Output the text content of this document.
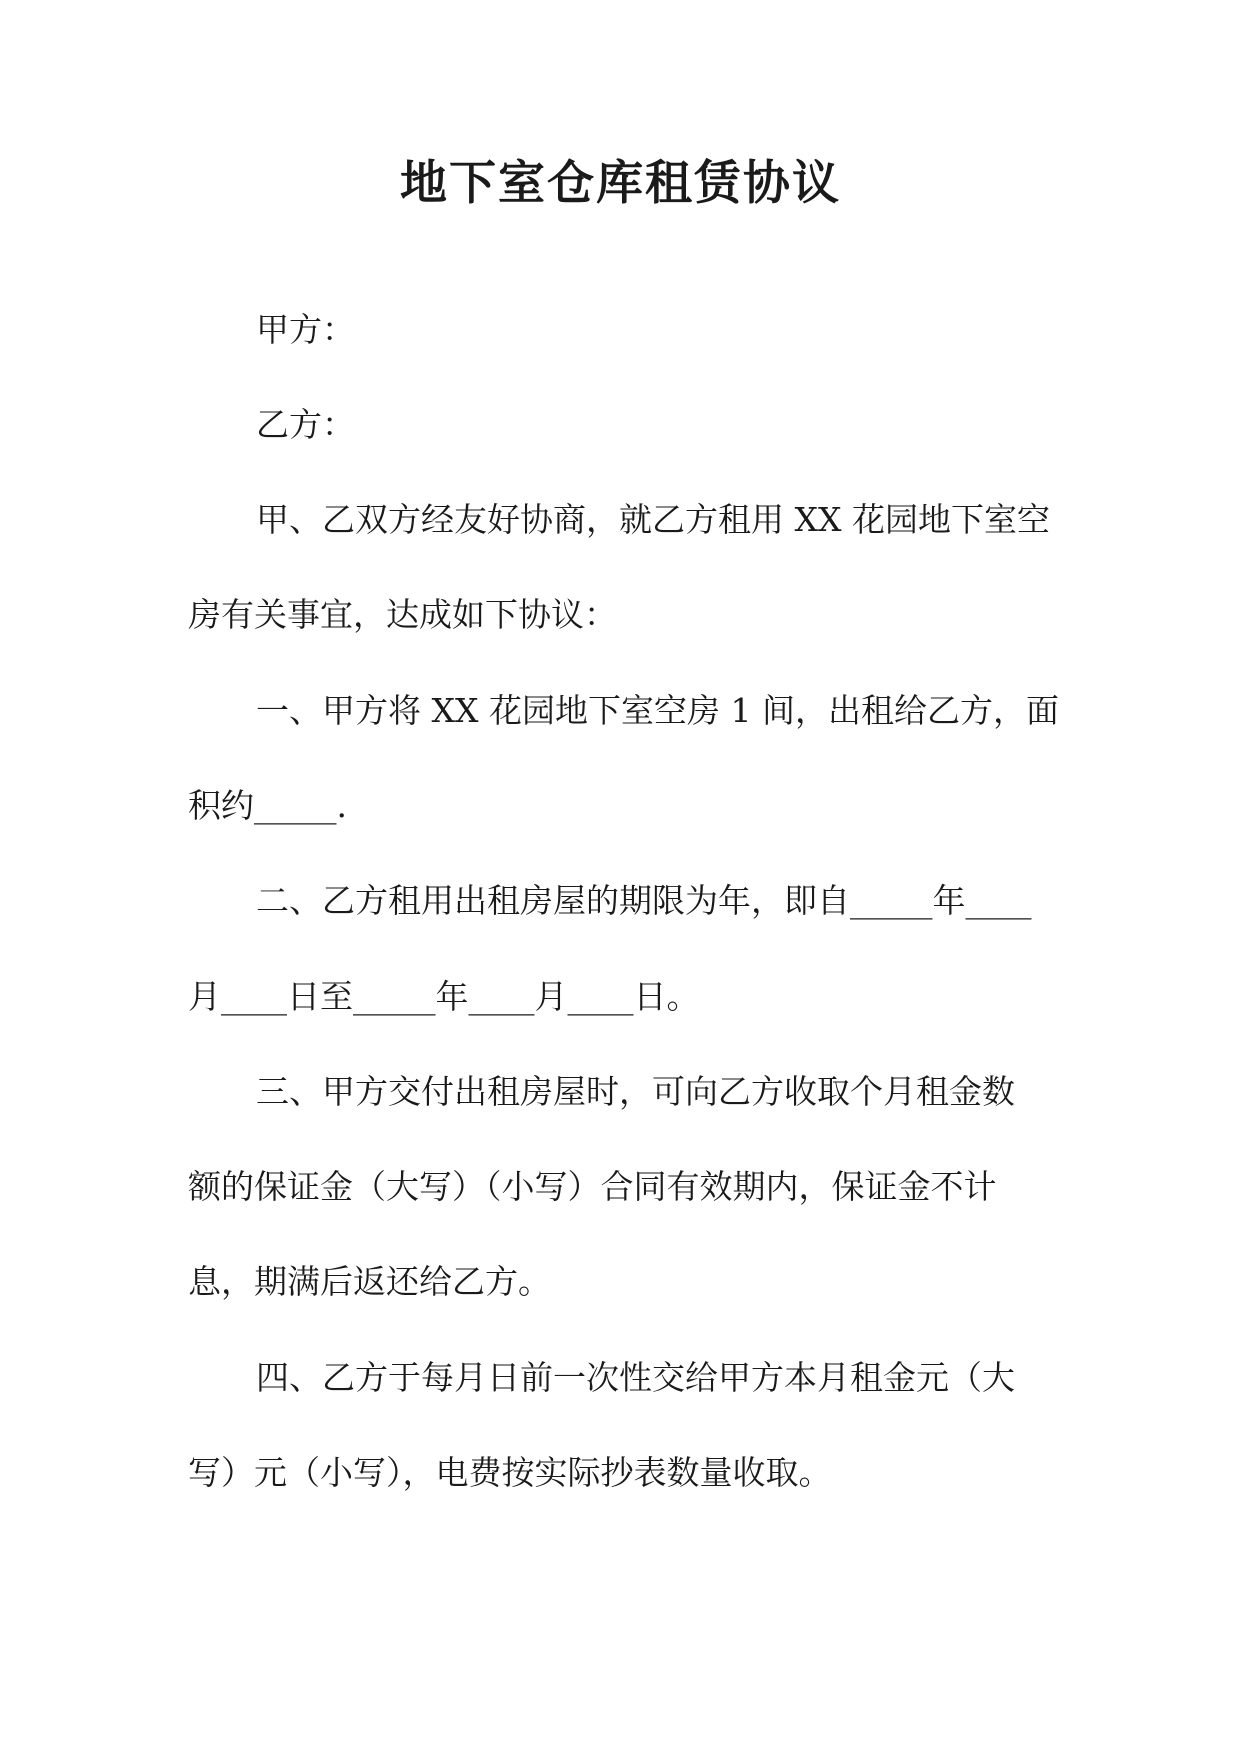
地下室仓库租赁协议

甲方：

乙方：

甲、乙双方经友好协商，就乙方租用 XX 花园地下室空

房有关事宜，达成如下协议：

一、甲方将 XX 花园地下室空房 1 间，出租给乙方，面

积约_____.

二、乙方租用出租房屋的期限为年，即自_____年____

月____日至_____年____月____日。

三、甲方交付出租房屋时，可向乙方收取个月租金数

额的保证金（大写）（小写）合同有效期内，保证金不计

息，期满后返还给乙方。

四、乙方于每月日前一次性交给甲方本月租金元（大

写）元（小写），电费按实际抄表数量收取。
